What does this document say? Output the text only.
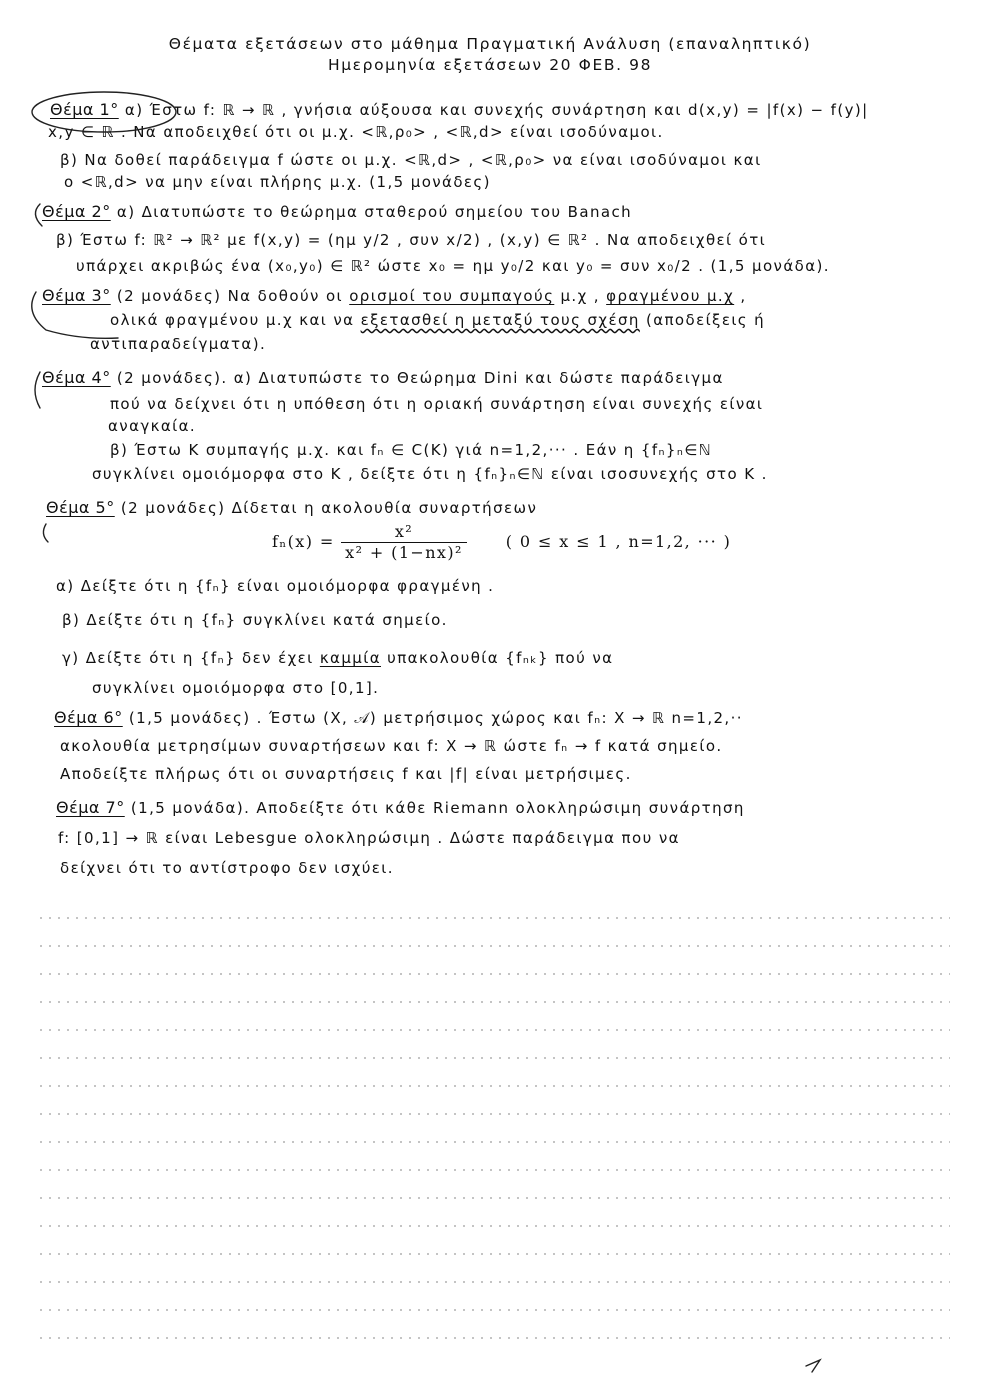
Θέματα εξετάσεων στο μάθημα Πραγματική Ανάλυση (επαναληπτικό)
Ημερομηνία εξετάσεων 20 ΦΕΒ. 98
Θέμα 1° α) Έστω f: ℝ → ℝ , γνήσια αύξουσα και συνεχής συνάρτηση και d(x,y) = |f(x) − f(y)|
x,y ∈ ℝ . Να αποδειχθεί ότι οι μ.χ. <ℝ,ρ₀> , <ℝ,d> είναι ισοδύναμοι.
β) Να δοθεί παράδειγμα f ώστε οι μ.χ. <ℝ,d> , <ℝ,ρ₀> να είναι ισοδύναμοι και
ο <ℝ,d> να μην είναι πλήρης μ.χ. (1,5 μονάδες)
Θέμα 2° α) Διατυπώστε το θεώρημα σταθερού σημείου του Banach
β) Έστω f: ℝ² → ℝ² με f(x,y) = (ημ y/2 , συν x/2) , (x,y) ∈ ℝ² . Να αποδειχθεί ότι
υπάρχει ακριβώς ένα (x₀,y₀) ∈ ℝ² ώστε x₀ = ημ y₀/2 και y₀ = συν x₀/2 . (1,5 μονάδα).
Θέμα 3° (2 μονάδες) Να δοθούν οι ορισμοί του συμπαγούς μ.χ , φραγμένου μ.χ ,
ολικά φραγμένου μ.χ και να εξετασθεί η μεταξύ τους σχέση (αποδείξεις ή
αντιπαραδείγματα).
Θέμα 4° (2 μονάδες). α) Διατυπώστε το Θεώρημα Dini και δώστε παράδειγμα
πού να δείχνει ότι η υπόθεση ότι η οριακή συνάρτηση είναι συνεχής είναι
αναγκαία.
β) Έστω K συμπαγής μ.χ. και fₙ ∈ C(K) γιά n=1,2,··· . Εάν η {fₙ}ₙ∈ℕ
συγκλίνει ομοιόμορφα στο K , δείξτε ότι η {fₙ}ₙ∈ℕ είναι ισοσυνεχής στο K .
Θέμα 5° (2 μονάδες) Δίδεται η ακολουθία συναρτήσεων
$f_n(x) = \frac{\text{x²}}{\text{x² + (1−nx)²}}$ ( 0 ≤ x ≤ 1 , n=1,2, ··· )
α) Δείξτε ότι η {fₙ} είναι ομοιόμορφα φραγμένη .
β) Δείξτε ότι η {fₙ} συγκλίνει κατά σημείο.
γ) Δείξτε ότι η {fₙ} δεν έχει καμμία υπακολουθία {fₙₖ} πού να
συγκλίνει ομοιόμορφα στο [0,1].
Θέμα 6° (1,5 μονάδες) . Έστω (X, 𝒜) μετρήσιμος χώρος και fₙ: X → ℝ n=1,2,··
ακολουθία μετρησίμων συναρτήσεων και f: X → ℝ ώστε fₙ → f κατά σημείο.
Αποδείξτε πλήρως ότι οι συναρτήσεις f και |f| είναι μετρήσιμες.
Θέμα 7° (1,5 μονάδα). Αποδείξτε ότι κάθε Riemann ολοκληρώσιμη συνάρτηση
f: [0,1] → ℝ είναι Lebesgue ολοκληρώσιμη . Δώστε παράδειγμα που να
δείχνει ότι το αντίστροφο δεν ισχύει.
